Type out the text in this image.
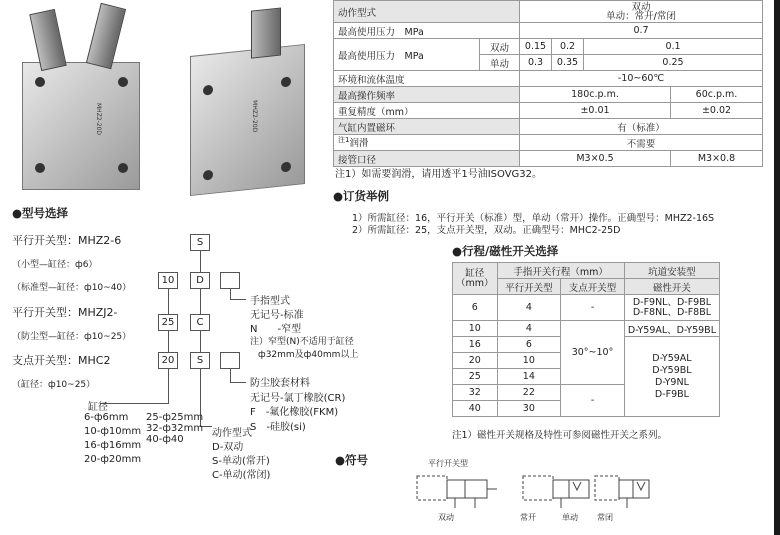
MHZ2-20D	MHZ2-20D
动作型式		双动
单动：常开/常闭			
最高使用压力　MPa		0.7			
最高使用压力　MPa	双动	0.15	0.2	0.1	
	单动	0.3	0.35	0.25	
环境和流体温度		-10~60℃			
最高操作频率		180c.p.m.			60c.p.m.
重复精度（mm）		±0.01			±0.02
气缸内置磁环		有（标准）			
$^{注1}$润滑		不需要			
接管口径		M3×0.5			M3×0.8
注1）如需要润滑，请用透平1号油ISOVG32。
●型号选择
平行开关型：MHZ2-6
（小型—缸径：ф6）
（标准型—缸径：ф10~40）
平行开关型：MHZJ2-
（防尘型—缸径：ф10~25）
支点开关型：MHC2
（缸径：ф10~25）
S
10	D
25	C
20	S
手指型式
无记号-标准
N　　-窄型
注）窄型(N)不适用于缸径
ф32mm及ф40mm以上
防尘胶套材料
无记号-氯丁橡胶(CR)
F　-氟化橡胶(FKM)
S　-硅胶(si)
缸径
6-ф6mm
10-ф10mm
16-ф16mm
20-ф20mm
25-ф25mm
32-ф32mm
40-ф40
动作型式
D-双动
S-单动(常开)
C-单动(常闭)
●订货举例
1）所需缸径：16，平行开关（标准）型，单动（常开）操作。正确型号：MHZ2-16S
2）所需缸径：25，支点开关型，双动。正确型号：MHC2-25D
●行程/磁性开关选择
缸径（mm）	手指开关行程（mm）		坑道安装型
	平行开关型	支点开关型	磁性开关
6	4	-	D-F9NL、D-F9BL
D-F8NL、D-F8BL
10	4	30°~10°	D-Y59AL、D-Y59BL
16	6		D-Y59AL
D-Y59BL
D-Y9NL
D-F9BL
20	10		
25	14		
32	22	-	
40	30		
注1）磁性开关规格及特性可参阅磁性开关之系列。
●符号	平行开关型
双动	常开	单动 常闭
